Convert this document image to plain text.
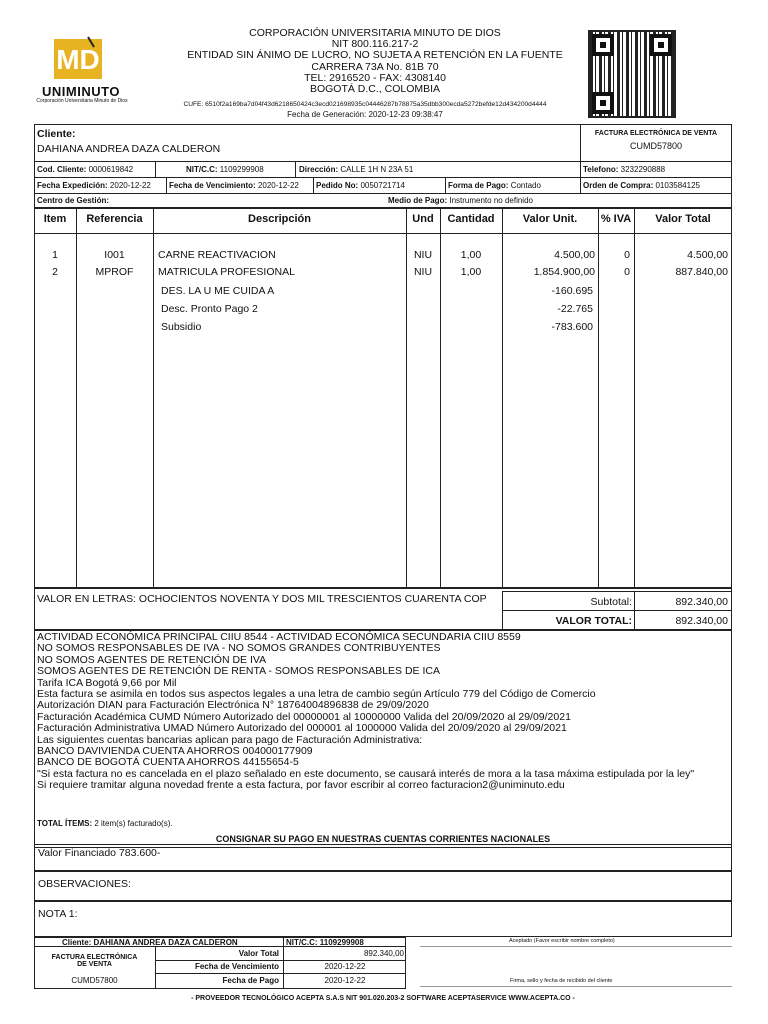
MD
UNIMINUTO
Corporación Universitaria Minuto de Dios
CORPORACIÓN UNIVERSITARIA MINUTO DE DIOS
NIT 800.116.217-2
ENTIDAD SIN ÁNIMO DE LUCRO, NO SUJETA A RETENCIÓN EN LA FUENTE
CARRERA 73A No. 81B 70
TEL: 2916520 - FAX: 4308140
BOGOTÁ D.C., COLOMBIA
CUFE: 6510f2a169ba7d04f43d6218650424c3ecd021698935c04446287b78875a35dbb300ecda5272befde12d434200d4444
Fecha de Generación: 2020-12-23 09:38:47
Cliente:
DAHIANA ANDREA DAZA CALDERON
FACTURA ELECTRÓNICA DE VENTA
CUMD57800
Cod. Cliente: 0000619842	NIT/C.C: 1109299908	Dirección: CALLE 1H N 23A 51	Telefono: 3232290888
Fecha Expedición: 2020-12-22 Fecha de Vencimiento: 2020-12-22 Pedido No: 0050721714	Forma de Pago: Contado	Orden de Compra: 0103584125
Centro de Gestión:	Medio de Pago: Instrumento no definido
Item	Referencia	Descripción	Und	Cantidad	Valor Unit.	% IVA	Valor Total
1	I001	CARNE REACTIVACION	NIU	1,00	4.500,00	0	4.500,00
2	MPROF	MATRICULA PROFESIONAL	NIU	1,00	1.854.900,00	0	887.840,00
DES. LA U ME CUIDA A	-160.695
Desc. Pronto Pago 2	-22.765
Subsidio	-783.600
VALOR EN LETRAS: OCHOCIENTOS NOVENTA Y DOS MIL TRESCIENTOS CUARENTA COP	Subtotal:	892.340,00
VALOR TOTAL:	892.340,00
ACTIVIDAD ECONÓMICA PRINCIPAL CIIU 8544 - ACTIVIDAD ECONÓMICA SECUNDARIA CIIU 8559
NO SOMOS RESPONSABLES DE IVA - NO SOMOS GRANDES CONTRIBUYENTES
NO SOMOS AGENTES DE RETENCIÓN DE IVA
SOMOS AGENTES DE RETENCIÓN DE RENTA - SOMOS RESPONSABLES DE ICA
Tarifa ICA Bogotá 9,66 por Mil
Esta factura se asimila en todos sus aspectos legales a una letra de cambio según Artículo 779 del Código de Comercio
Autorización DIAN para Facturación Electrónica N° 18764004896838 de 29/09/2020
Facturación Académica CUMD Número Autorizado del 00000001 al 10000000 Valida del 20/09/2020 al 29/09/2021
Facturación Administrativa UMAD Número Autorizado del 000001 al 1000000 Valida del 20/09/2020 al 29/09/2021
Las siguientes cuentas bancarias aplican para pago de Facturación Administrativa:
BANCO DAVIVIENDA CUENTA AHORROS 004000177909
BANCO DE BOGOTÁ CUENTA AHORROS 44155654-5
"Si esta factura no es cancelada en el plazo señalado en este documento, se causará interés de mora a la tasa máxima estipulada por la ley"
Si requiere tramitar alguna novedad frente a esta factura, por favor escribir al correo facturacion2@uniminuto.edu
TOTAL ÍTEMS: 2 item(s) facturado(s).
CONSIGNAR SU PAGO EN NUESTRAS CUENTAS CORRIENTES NACIONALES
Valor Financiado 783.600-
OBSERVACIONES:
NOTA 1:
Cliente: DAHIANA ANDREA DAZA CALDERON	NIT/C.C: 1109299908
FACTURA ELECTRÓNICA
DE VENTA
CUMD57800
Valor Total	892.340,00
Fecha de Vencimiento	2020-12-22
Fecha de Pago	2020-12-22
Aceptado (Favor escribir nombre completo)
Firma, sello y fecha de recibido del cliente
- PROVEEDOR TECNOLÓGICO ACEPTA S.A.S NIT 901.020.203-2 SOFTWARE ACEPTASERVICE WWW.ACEPTA.CO -
